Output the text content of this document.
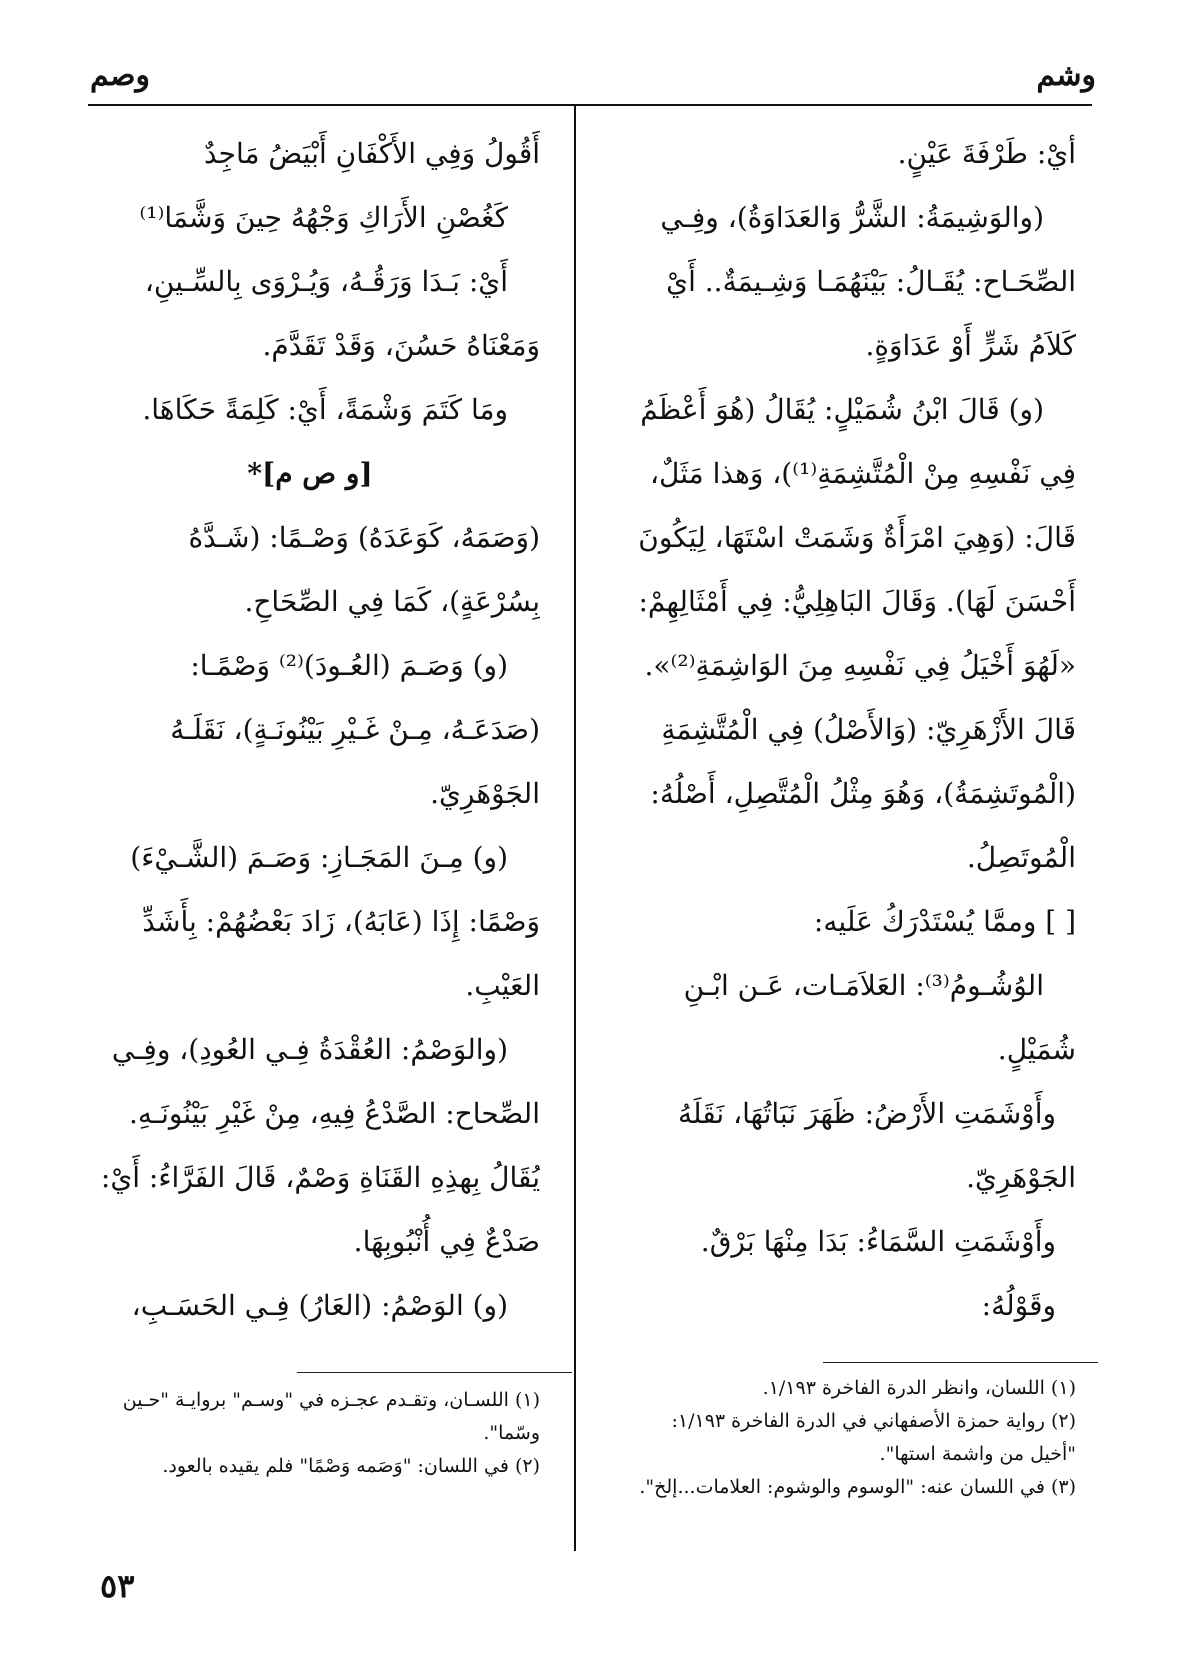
وشم
وصم
أيْ: طَرْفَةَ عَيْنٍ.
(والوَشِيمَةُ: الشَّرُّ وَالعَدَاوَةُ)، وفِـي
الصِّحَـاح: يُقَـالُ: بَيْنَهُمَـا وَشِـيمَةٌ.. أَيْ
كَلاَمُ شَرٍّ أَوْ عَدَاوَةٍ.
(و) قَالَ ابْنُ شُمَيْلٍ: يُقَالُ (هُوَ أَعْظَمُ
فِي نَفْسِهِ مِنْ الْمُتَّشِمَةِ⁽¹⁾)، وَهذا مَثَلٌ،
قَالَ: (وَهِيَ امْرَأَةٌ وَشَمَتْ اسْتَهَا، لِيَكُونَ
أَحْسَنَ لَهَا). وَقَالَ البَاهِلِيُّ: فِي أَمْثَالِهِمْ:
«لَهُوَ أَخْيَلُ فِي نَفْسِهِ مِنَ الوَاشِمَةِ⁽²⁾».
قَالَ الأَزْهَرِيّ: (وَالأَصْلُ) فِي الْمُتَّشِمَةِ
(الْمُوتَشِمَةُ)، وَهُوَ مِثْلُ الْمُتَّصِلِ، أَصْلُهُ:
الْمُوتَصِلُ.
[ ] وممَّا يُسْتَدْرَكُ عَلَيه:
الوُشُـومُ⁽³⁾: العَلاَمَـات، عَـن ابْـنِ
شُمَيْلٍ.
وأَوْشَمَتِ الأَرْضُ: ظَهَرَ نَبَاتُهَا، نَقَلَهُ
الجَوْهَرِيّ.
وأَوْشَمَتِ السَّمَاءُ: بَدَا مِنْهَا بَرْقٌ.
وقَوْلُهُ:
أَقُولُ وَفِي الأَكْفَانِ أَبْيَضُ مَاجِدٌ
كَغُصْنِ الأَرَاكِ وَجْهُهُ حِينَ وَشَّمَا⁽¹⁾
أَيْ: بَـدَا وَرَقُـهُ، وَيُـرْوَى بِالسِّـينِ،
وَمَعْنَاهُ حَسُنَ، وَقَدْ تَقَدَّمَ.
ومَا كَتَمَ وَشْمَةً، أَيْ: كَلِمَةً حَكَاهَا.
[و ص م]*
(وَصَمَهُ، كَوَعَدَهُ) وَصْـمًا: (شَـدَّهُ
بِسُرْعَةٍ)، كَمَا فِي الصِّحَاحِ.
(و) وَصَـمَ (العُـودَ)⁽²⁾ وَصْمًـا:
(صَدَعَـهُ، مِـنْ غَـيْرِ بَيْنُونَـةٍ)، نَقَلَـهُ
الجَوْهَرِيّ.
(و) مِـنَ المَجَـازِ: وَصَـمَ (الشَّـيْءَ)
وَصْمًا: إِذَا (عَابَهُ)، زَادَ بَعْضُهُمْ: بِأَشَدِّ
العَيْبِ.
(والوَصْمُ: العُقْدَةُ فِـي العُودِ)، وفِـي
الصِّحاح: الصَّدْعُ فِيهِ، مِنْ غَيْرِ بَيْنُونَـهِ.
يُقَالُ بِهذِهِ القَنَاةِ وَصْمٌ، قَالَ الفَرَّاءُ: أَيْ:
صَدْعٌ فِي أُنْبُوبِهَا.
(و) الوَصْمُ: (العَارُ) فِـي الحَسَـبِ،
(١) اللسان، وانظر الدرة الفاخرة ١/١٩٣.
(٢) رواية حمزة الأصفهاني في الدرة الفاخرة ١/١٩٣:
"أخيل من واشمة استها".
(٣) في اللسان عنه: "الوسوم والوشوم: العلامات...إلخ".
(١) اللسـان، وتقـدم عجـزه في "وسـم" بروايـة "حـين
وسّما".
(٢) في اللسان: "وَصَمه وَصْمًا" فلم يقيده بالعود.
٥٣
